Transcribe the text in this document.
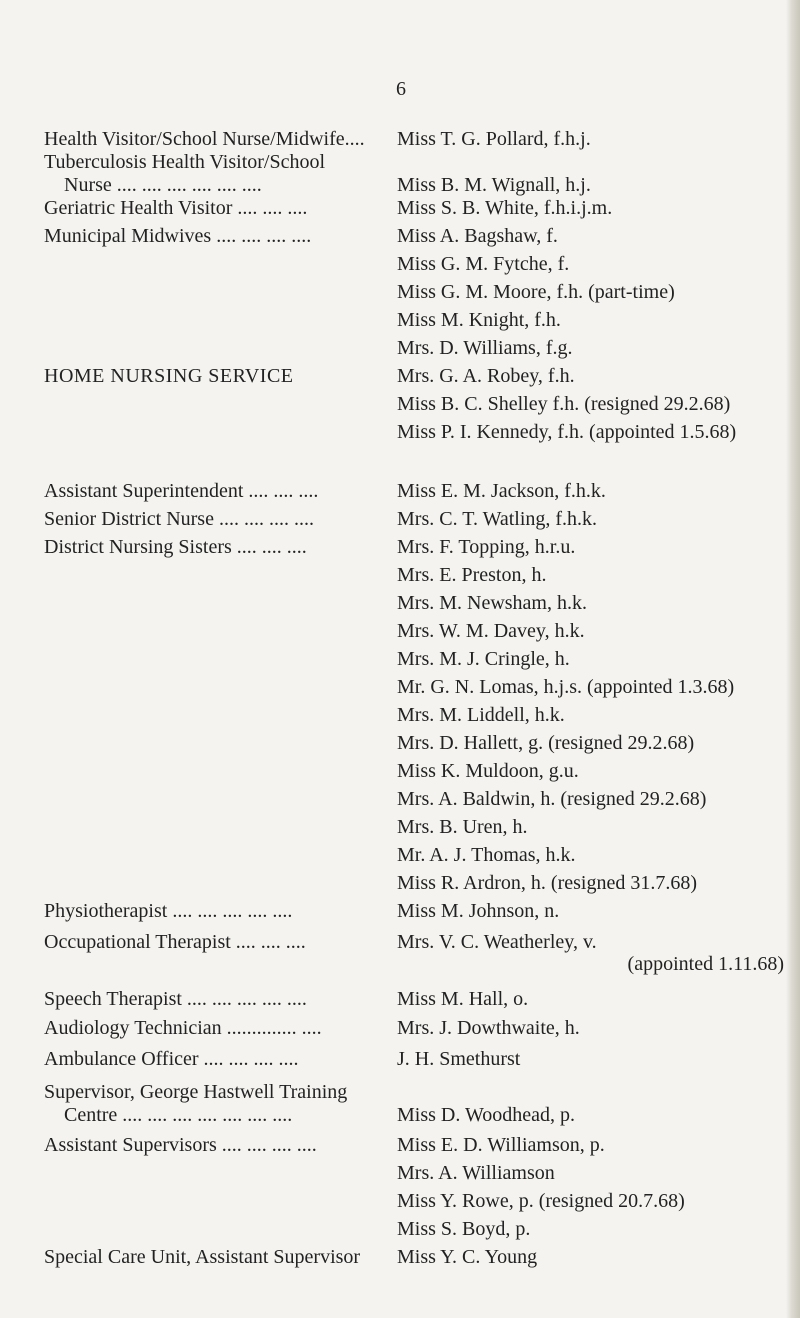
6
HOME NURSING SERVICE
Health Visitor/School Nurse/Midwife.... Miss T. G. Pollard, f.h.j.
Tuberculosis Health Visitor/School
Nurse .... .... .... .... .... ....	Miss B. M. Wignall, h.j.
Geriatric Health Visitor .... .... ....	Miss S. B. White, f.h.i.j.m.
Municipal Midwives .... .... .... ....	Miss A. Bagshaw, f.
Miss G. M. Fytche, f.
Miss G. M. Moore, f.h. (part-time)
Miss M. Knight, f.h.
Mrs. D. Williams, f.g.
Mrs. G. A. Robey, f.h.
Miss B. C. Shelley f.h. (resigned 29.2.68)
Miss P. I. Kennedy, f.h. (appointed 1.5.68)
Assistant Superintendent .... .... ....	Miss E. M. Jackson, f.h.k.
Senior District Nurse .... .... .... ....	Mrs. C. T. Watling, f.h.k.
District Nursing Sisters .... .... ....	Mrs. F. Topping, h.r.u.
Mrs. E. Preston, h.
Mrs. M. Newsham, h.k.
Mrs. W. M. Davey, h.k.
Mrs. M. J. Cringle, h.
Mr. G. N. Lomas, h.j.s. (appointed 1.3.68)
Mrs. M. Liddell, h.k.
Mrs. D. Hallett, g. (resigned 29.2.68)
Miss K. Muldoon, g.u.
Mrs. A. Baldwin, h. (resigned 29.2.68)
Mrs. B. Uren, h.
Mr. A. J. Thomas, h.k.
Miss R. Ardron, h. (resigned 31.7.68)
Physiotherapist .... .... .... .... ....	Miss M. Johnson, n.
Occupational Therapist .... .... ....	Mrs. V. C. Weatherley, v.
(appointed 1.11.68)
Speech Therapist .... .... .... .... ....	Miss M. Hall, o.
Audiology Technician .............. ....	Mrs. J. Dowthwaite, h.
Ambulance Officer .... .... .... ....	J. H. Smethurst
Supervisor, George Hastwell Training
Centre .... .... .... .... .... .... ....	Miss D. Woodhead, p.
Assistant Supervisors .... .... .... ....	Miss E. D. Williamson, p.
Mrs. A. Williamson
Miss Y. Rowe, p. (resigned 20.7.68)
Miss S. Boyd, p.
Special Care Unit, Assistant Supervisor Miss Y. C. Young
